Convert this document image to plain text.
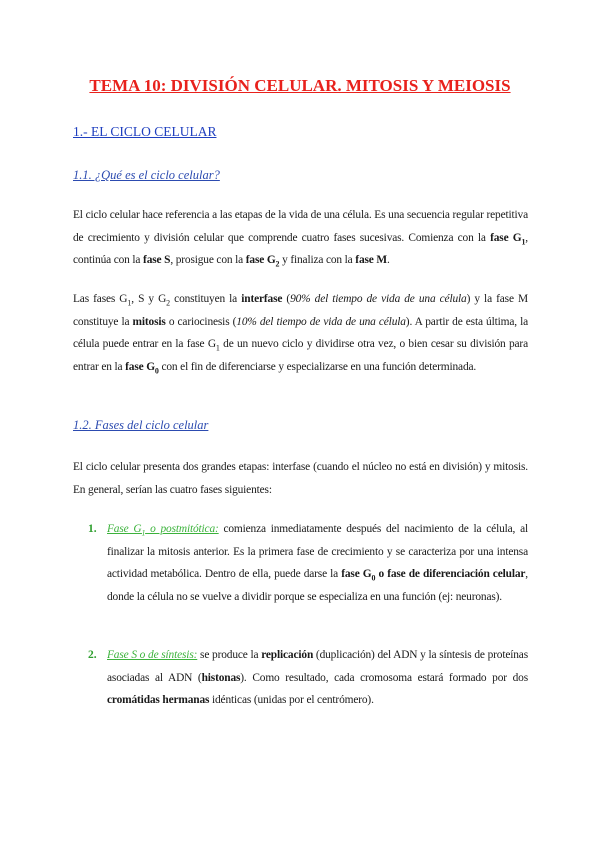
TEMA 10: DIVISIÓN CELULAR. MITOSIS Y MEIOSIS
1.- EL CICLO CELULAR
1.1. ¿Qué es el ciclo celular?

El ciclo celular hace referencia a las etapas de la vida de una célula. Es una secuencia regular repetitiva de crecimiento y división celular que comprende cuatro fases sucesivas. Comienza con la fase $G_1$, continúa con la fase S, prosigue con la fase $G_2$ y finaliza con la fase M.

Las fases $G_1$, S y $G_2$ constituyen la interfase (90% del tiempo de vida de una célula) y la fase M constituye la mitosis o cariocinesis (10% del tiempo de vida de una célula). A partir de esta última, la célula puede entrar en la fase $G_1$ de un nuevo ciclo y dividirse otra vez, o bien cesar su división para entrar en la fase $G_0$ con el fin de diferenciarse y especializarse en una función determinada.

1.2. Fases del ciclo celular

El ciclo celular presenta dos grandes etapas: interfase (cuando el núcleo no está en división) y mitosis. En general, serían las cuatro fases siguientes:

1. Fase $G_1$ o postmitótica: comienza inmediatamente después del nacimiento de la célula, al finalizar la mitosis anterior. Es la primera fase de crecimiento y se caracteriza por una intensa actividad metabólica. Dentro de ella, puede darse la fase $G_0$ o fase de diferenciación celular, donde la célula no se vuelve a dividir porque se especializa en una función (ej: neuronas).
2. Fase S o de síntesis: se produce la replicación (duplicación) del ADN y la síntesis de proteínas asociadas al ADN (histonas). Como resultado, cada cromosoma estará formado por dos cromátidas hermanas idénticas (unidas por el centrómero).
